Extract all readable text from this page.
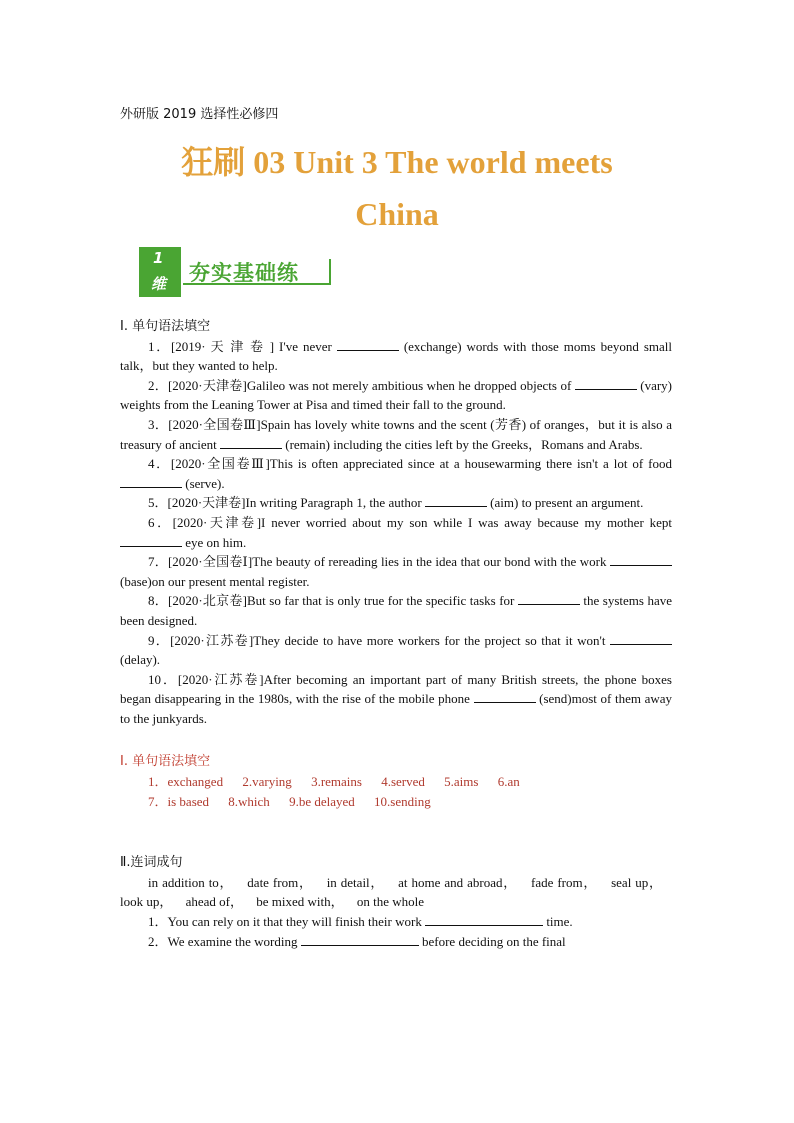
外研版 2019 选择性必修四
狂刷 03 Unit 3 The world meets
China
1
维 夯实基础练
Ⅰ. 单句语法填空

1．[2019· 天 津 卷 ] I've never	(exchange) words with those moms beyond small talk，but they wanted to help.

2．[2020·天津卷]Galileo was not merely ambitious when he dropped objects of	(vary) weights from the Leaning Tower at Pisa and timed their fall to the ground.

3．[2020·全国卷Ⅲ]Spain has lovely white towns and the scent (芳香) of oranges，but it is also a treasury of ancient	(remain) including the cities left by the Greeks，Romans and Arabs.

4．[2020·全国卷Ⅲ]This is often appreciated since at a housewarming there isn't a lot of food  (serve).

5．[2020·天津卷]In writing Paragraph 1, the author	(aim) to present an argument.

6．[2020·天津卷]I never worried about my son while I was away because my mother kept  eye on him.

7．[2020·全国卷Ⅰ]The beauty of rereading lies in the idea that our bond with the work  (base)on our present mental register.

8．[2020·北京卷]But so far that is only true for the specific tasks for	the systems have been designed.

9．[2020·江苏卷]They decide to have more workers for the project so that it won't  (delay).

10．[2020·江苏卷]After becoming an important part of many British streets, the phone boxes began disappearing in the 1980s, with the rise of the mobile phone	(send)most of them away to the junkyards.

Ⅰ. 单句语法填空
1．exchanged 2.varying 3.remains 4.served 5.aims 6.an
7．is based 8.which 9.be delayed 10.sending
Ⅱ.连词成句

in addition to， date from， in detail， at home and abroad， fade from， seal up， look up， ahead of， be mixed with， on the whole

1．You can rely on it that they will finish their work	time.

2．We examine the wording	before deciding on the final
